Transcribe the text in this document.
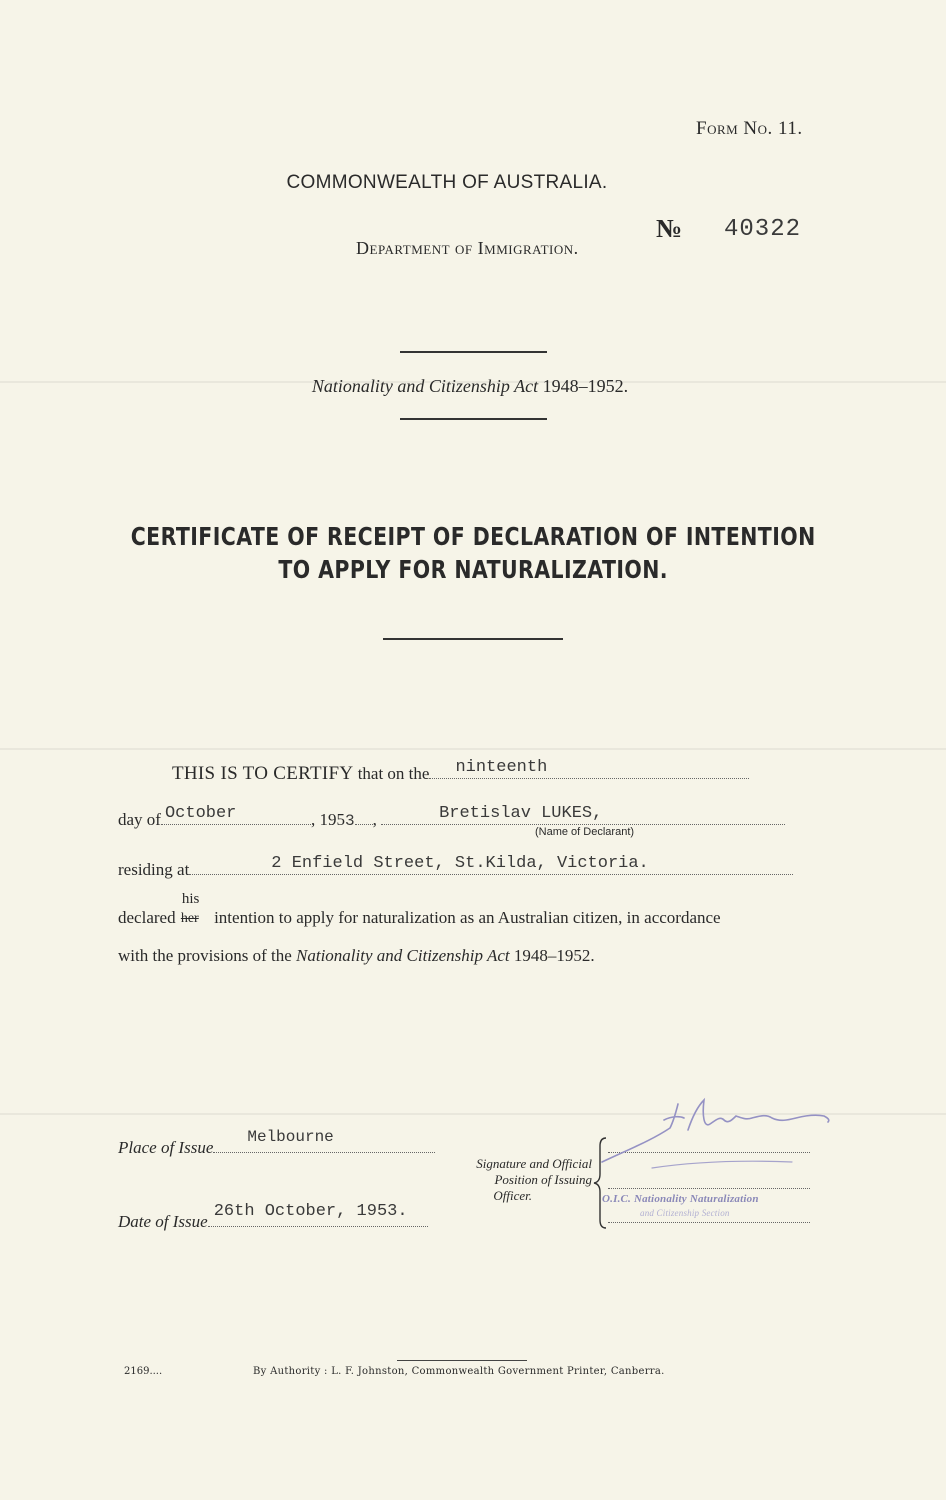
Form No. 11.
COMMONWEALTH OF AUSTRALIA.
Department of Immigration.
№ 40322
Nationality and Citizenship Act 1948–1952.
CERTIFICATE OF RECEIPT OF DECLARATION OF INTENTION
TO APPLY FOR NATURALIZATION.
THIS IS TO CERTIFY that on the ninteenth
day of October	, 1953 ,	Bretislav LUKES,
(Name of Declarant)
residing at	2 Enfield Street, St.Kilda, Victoria.
declared
his
her intention to apply for naturalization as an Australian citizen, in accordance
with the provisions of the Nationality and Citizenship Act 1948–1952.
Place of Issue
Melbourne
Date of Issue
26th October, 1953.
Signature and Official
Position of Issuing
Officer.	O.I.C. Nationality Naturalization
and Citizenship Section
2169....	By Authority : L. F. Johnston, Commonwealth Government Printer, Canberra.
